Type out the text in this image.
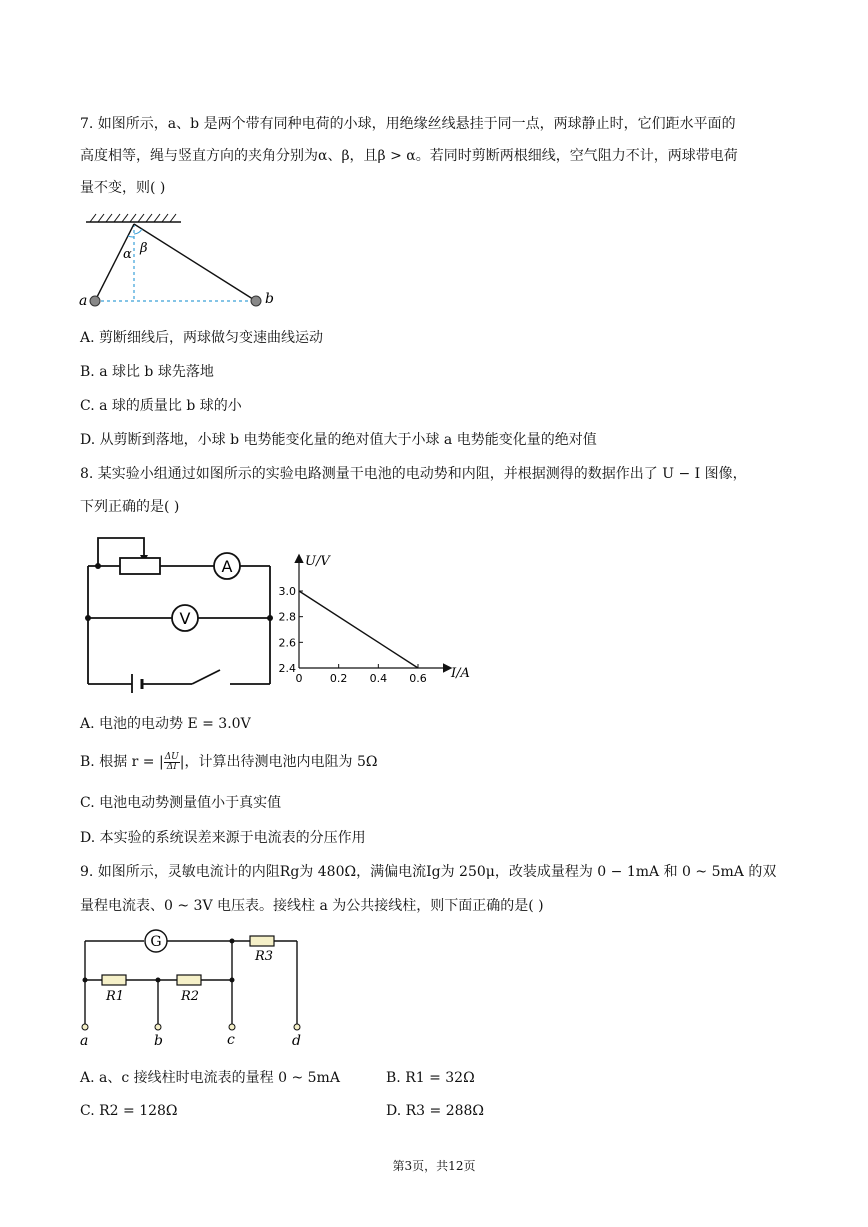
7. 如图所示，a、b 是两个带有同种电荷的小球，用绝缘丝线悬挂于同一点，两球静止时，它们距水平面的
高度相等，绳与竖直方向的夹角分别为α、β，且β > α。若同时剪断两根细线，空气阻力不计，两球带电荷
量不变，则( )
α β
a	b
A. 剪断细线后，两球做匀变速曲线运动
B. a 球比 b 球先落地
C. a 球的质量比 b 球的小
D. 从剪断到落地，小球 b 电势能变化量的绝对值大于小球 a 电势能变化量的绝对值
8. 某实验小组通过如图所示的实验电路测量干电池的电动势和内阻，并根据测得的数据作出了 U − I 图像，
下列正确的是( )
A
V
U/V
I/A
0 0.2 0.4 0.6
2.4
2.6
2.8
3.0
A. 电池的电动势 E = 3.0V
B. 根据 r = | $\frac{\Delta U}{\Delta I}$ |，计算出待测电池内电阻为 5Ω
C. 电池电动势测量值小于真实值
D. 本实验的系统误差来源于电流表的分压作用
9. 如图所示，灵敏电流计的内阻Rg为 480Ω，满偏电流Ig为 250μ，改装成量程为 0 − 1mA 和 0 ~ 5mA 的双
量程电流表、0 ~ 3V 电压表。接线柱 a 为公共接线柱，则下面正确的是( )
G
R3
R1	R2
a	b	c	d
A. a、c 接线柱时电流表的量程 0 ~ 5mA	B. R1 = 32Ω
C. R2 = 128Ω	D. R3 = 288Ω
第3页，共12页
